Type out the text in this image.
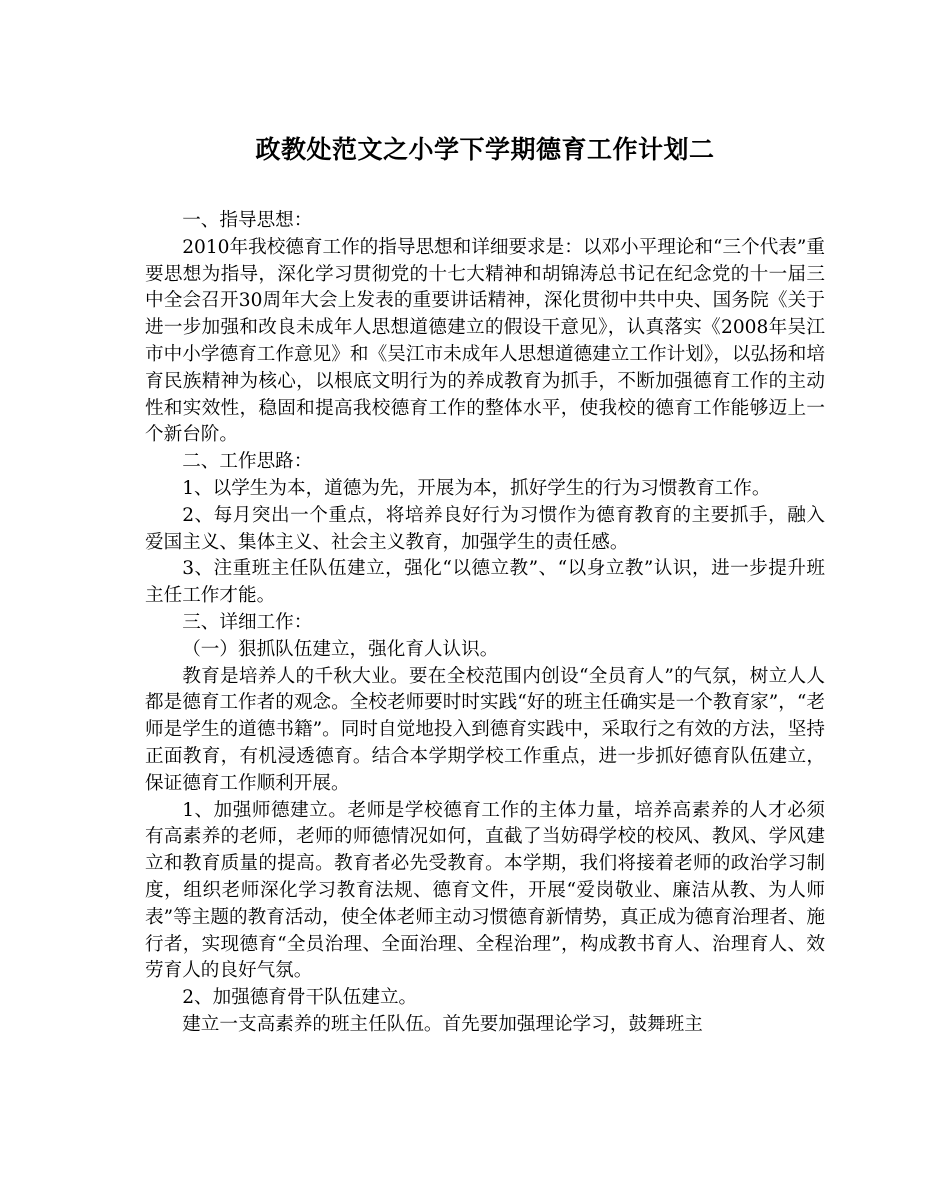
政教处范文之小学下学期德育工作计划二

一、指导思想：

2010年我校德育工作的指导思想和详细要求是：以邓小平理论和“三个代表”重要思想为指导，深化学习贯彻党的十七大精神和胡锦涛总书记在纪念党的十一届三中全会召开30周年大会上发表的重要讲话精神，深化贯彻中共中央、国务院《关于进一步加强和改良未成年人思想道德建立的假设干意见》，认真落实《2008年吴江市中小学德育工作意见》和《吴江市未成年人思想道德建立工作计划》，以弘扬和培育民族精神为核心，以根底文明行为的养成教育为抓手，不断加强德育工作的主动性和实效性，稳固和提高我校德育工作的整体水平，使我校的德育工作能够迈上一个新台阶。

二、工作思路：

1、以学生为本，道德为先，开展为本，抓好学生的行为习惯教育工作。

2、每月突出一个重点，将培养良好行为习惯作为德育教育的主要抓手，融入爱国主义、集体主义、社会主义教育，加强学生的责任感。

3、注重班主任队伍建立，强化“以德立教”、“以身立教”认识，进一步提升班主任工作才能。

三、详细工作：

（一）狠抓队伍建立，强化育人认识。

教育是培养人的千秋大业。要在全校范围内创设“全员育人”的气氛，树立人人都是德育工作者的观念。全校老师要时时实践“好的班主任确实是一个教育家”，“老师是学生的道德书籍”。同时自觉地投入到德育实践中，采取行之有效的方法，坚持正面教育，有机浸透德育。结合本学期学校工作重点，进一步抓好德育队伍建立，保证德育工作顺利开展。

1、加强师德建立。老师是学校德育工作的主体力量，培养高素养的人才必须有高素养的老师，老师的师德情况如何，直截了当妨碍学校的校风、教风、学风建立和教育质量的提高。教育者必先受教育。本学期，我们将接着老师的政治学习制度，组织老师深化学习教育法规、德育文件，开展“爱岗敬业、廉洁从教、为人师表”等主题的教育活动，使全体老师主动习惯德育新情势，真正成为德育治理者、施行者，实现德育“全员治理、全面治理、全程治理”，构成教书育人、治理育人、效劳育人的良好气氛。

2、加强德育骨干队伍建立。

建立一支高素养的班主任队伍。首先要加强理论学习，鼓舞班主
